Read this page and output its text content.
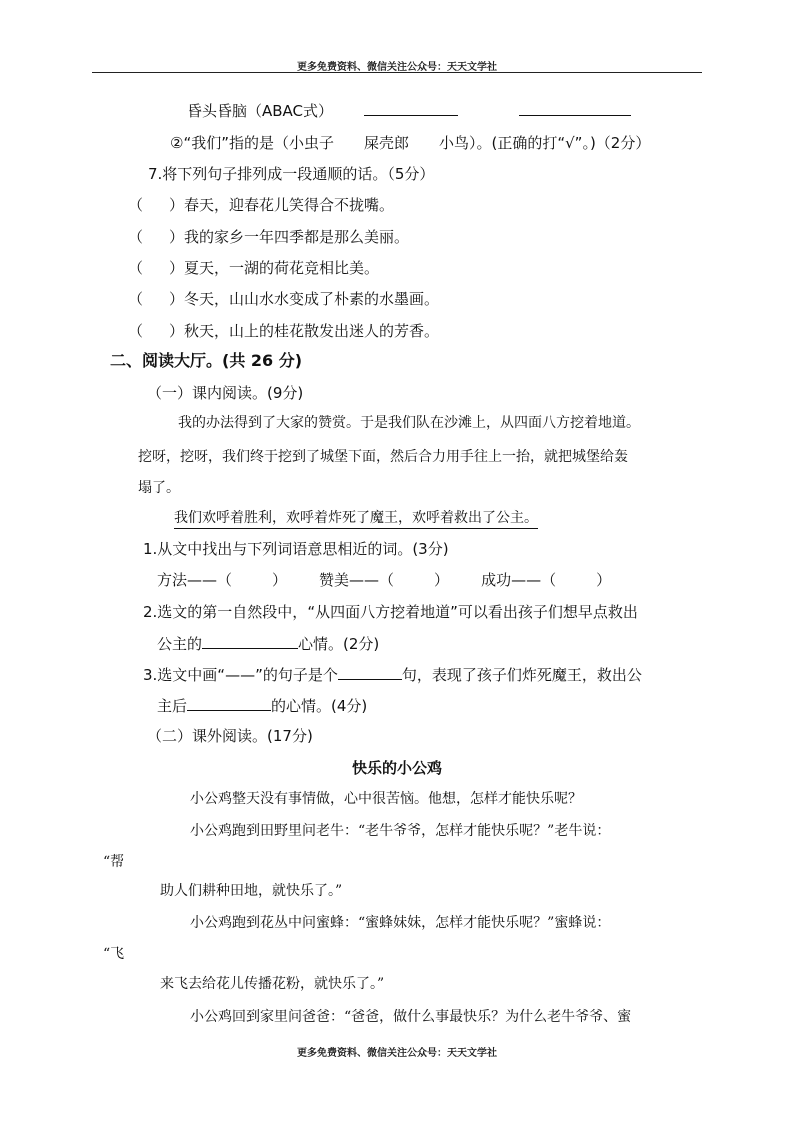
更多免费资料、微信关注公众号：天天文学社
昏头昏脑（ABAC式）
②“我们”指的是（小虫子　　屎壳郎　　小鸟）。(正确的打“√”。)（2分）
7.将下列句子排列成一段通顺的话。（5分）
（ ）春天，迎春花儿笑得合不拢嘴。
（ ）我的家乡一年四季都是那么美丽。
（ ）夏天，一湖的荷花竞相比美。
（ ）冬天，山山水水变成了朴素的水墨画。
（ ）秋天，山上的桂花散发出迷人的芳香。
二、阅读大厅。(共 26 分)
（一）课内阅读。(9分)
我的办法得到了大家的赞赏。于是我们队在沙滩上，从四面八方挖着地道。
挖呀，挖呀，我们终于挖到了城堡下面，然后合力用手往上一抬，就把城堡给轰
塌了。
我们欢呼着胜利，欢呼着炸死了魔王，欢呼着救出了公主。
1.从文中找出与下列词语意思相近的词。(3分)
方法——（	） 赞美——（	） 成功——（	）
2.选文的第一自然段中，“从四面八方挖着地道”可以看出孩子们想早点救出
公主的	心情。(2分)
3.选文中画“——”的句子是个	句，表现了孩子们炸死魔王，救出公
主后	的心情。(4分)
（二）课外阅读。(17分)
快乐的小公鸡
小公鸡整天没有事情做，心中很苦恼。他想，怎样才能快乐呢？
小公鸡跑到田野里问老牛：“老牛爷爷，怎样才能快乐呢？”老牛说：
“帮
助人们耕种田地，就快乐了。”
小公鸡跑到花丛中问蜜蜂：“蜜蜂妹妹，怎样才能快乐呢？”蜜蜂说：
“飞
来飞去给花儿传播花粉，就快乐了。”
小公鸡回到家里问爸爸：“爸爸，做什么事最快乐？为什么老牛爷爷、蜜
更多免费资料、微信关注公众号：天天文学社
